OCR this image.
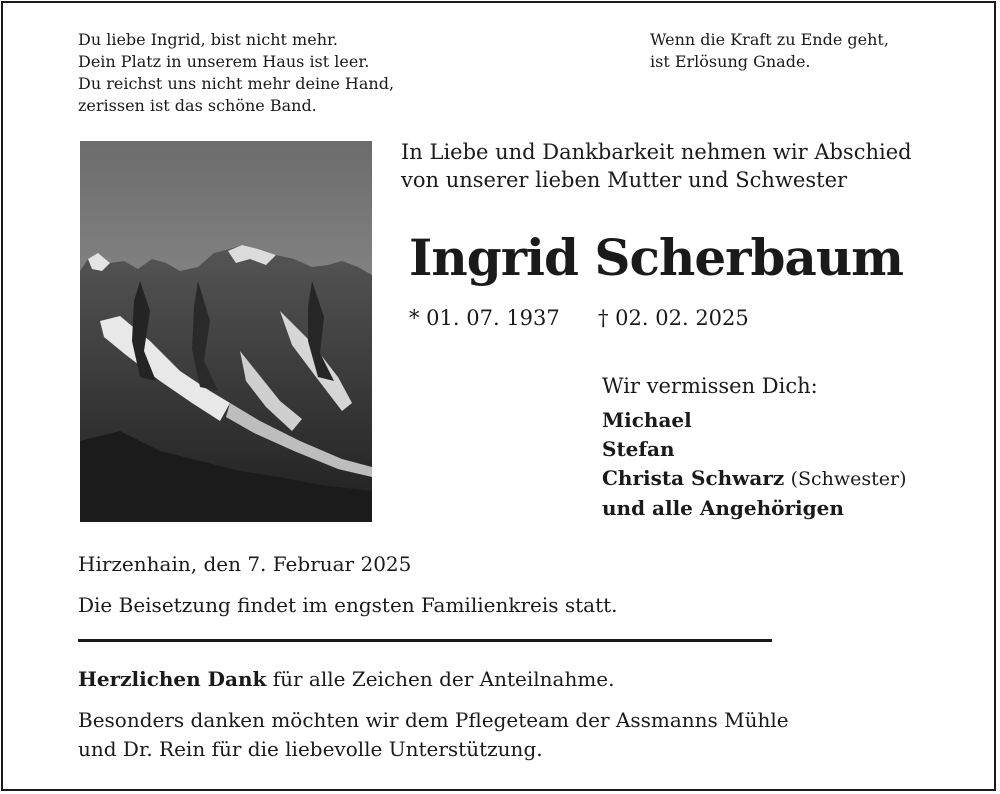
Du liebe Ingrid, bist nicht mehr.
Dein Platz in unserem Haus ist leer.
Du reichst uns nicht mehr deine Hand,
zerissen ist das schöne Band.
Wenn die Kraft zu Ende geht,
ist Erlösung Gnade.
In Liebe und Dankbarkeit nehmen wir Abschied
von unserer lieben Mutter und Schwester
Ingrid Scherbaum
* 01. 07. 1937 † 02. 02. 2025
Wir vermissen Dich:
Michael
Stefan
Christa Schwarz (Schwester)
und alle Angehörigen
Hirzenhain, den 7. Februar 2025
Die Beisetzung findet im engsten Familienkreis statt.
Herzlichen Dank für alle Zeichen der Anteilnahme.
Besonders danken möchten wir dem Pflegeteam der Assmanns Mühle
und Dr. Rein für die liebevolle Unterstützung.
